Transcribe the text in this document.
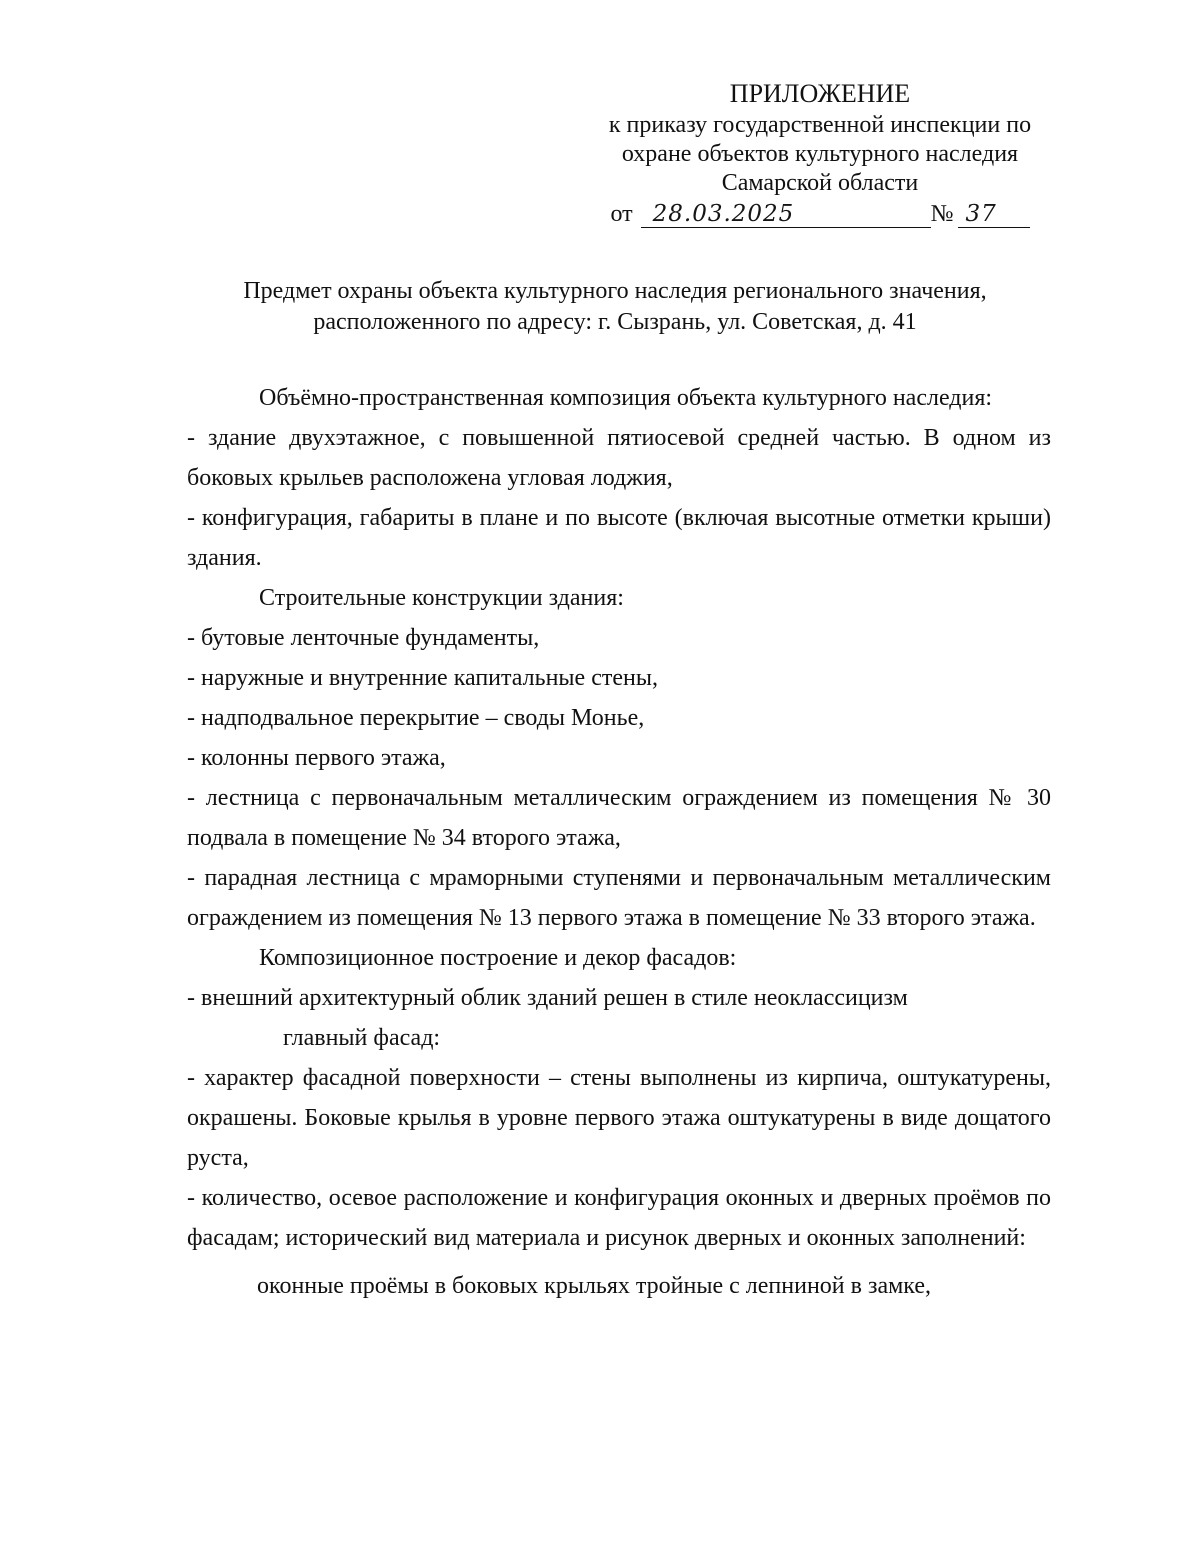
ПРИЛОЖЕНИЕ
к приказу государственной инспекции по
охране объектов культурного наследия
Самарской области
от 28.03.2025	№ 37
Предмет охраны объекта культурного наследия регионального значения,
расположенного по адресу: г. Сызрань, ул. Советская, д. 41

Объёмно-пространственная композиция объекта культурного наследия:

- здание двухэтажное, с повышенной пятиосевой средней частью. В одном из боковых крыльев расположена угловая лоджия,

- конфигурация, габариты в плане и по высоте (включая высотные отметки крыши) здания.

Строительные конструкции здания:

- бутовые ленточные фундаменты,

- наружные и внутренние капитальные стены,

- надподвальное перекрытие – своды Монье,

- колонны первого этажа,

- лестница с первоначальным металлическим ограждением из помещения № 30 подвала в помещение № 34 второго этажа,

- парадная лестница с мраморными ступенями и первоначальным металлическим ограждением из помещения № 13 первого этажа в помещение № 33 второго этажа.

Композиционное построение и декор фасадов:

- внешний архитектурный облик зданий решен в стиле неоклассицизм

главный фасад:

- характер фасадной поверхности – стены выполнены из кирпича, оштукатурены, окрашены. Боковые крылья в уровне первого этажа оштукатурены в виде дощатого руста,

- количество, осевое расположение и конфигурация оконных и дверных проёмов по фасадам; исторический вид материала и рисунок дверных и оконных заполнений:

оконные проёмы в боковых крыльях тройные с лепниной в замке,
